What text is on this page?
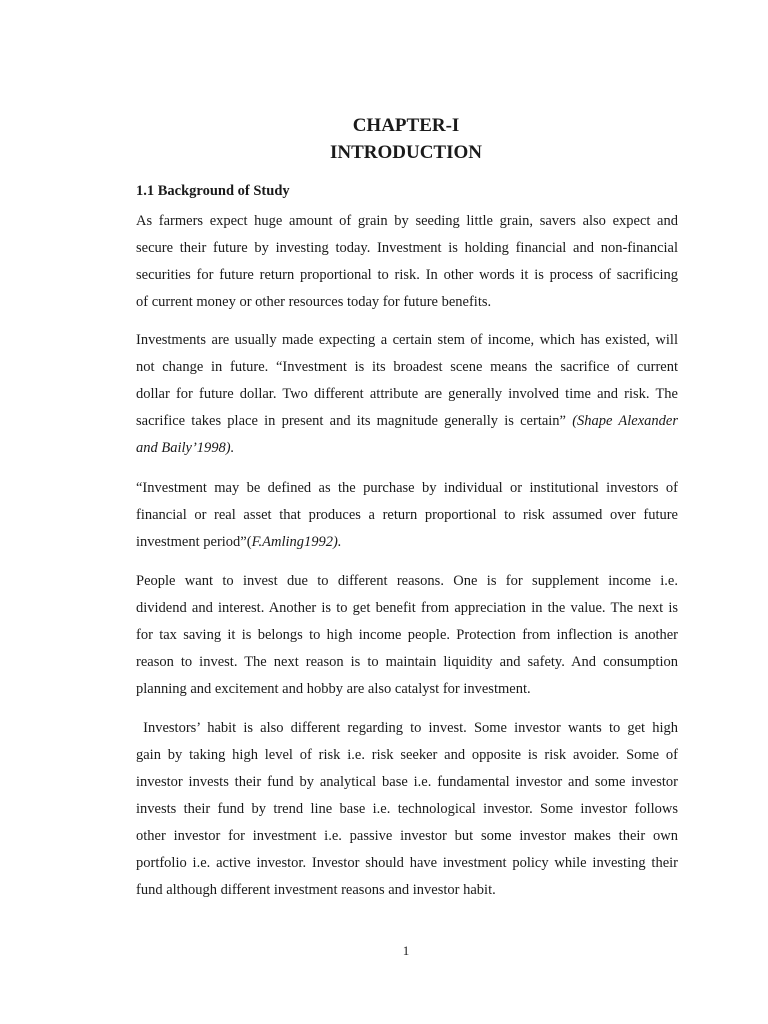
CHAPTER-I
INTRODUCTION
1.1 Background of Study
As farmers expect huge amount of grain by seeding little grain, savers also expect and
secure their future by investing today. Investment is holding financial and non-financial
securities for future return proportional to risk. In other words it is process of sacrificing
of current money or other resources today for future benefits.
Investments are usually made expecting a certain stem of income, which has existed, will
not change in future. “Investment is its broadest scene means the sacrifice of current
dollar for future dollar. Two different attribute are generally involved time and risk. The
sacrifice takes place in present and its magnitude generally is certain” (Shape Alexander
and Baily’1998).
“Investment may be defined as the purchase by individual or institutional investors of
financial or real asset that produces a return proportional to risk assumed over future
investment period”(F.Amling1992).
People want to invest due to different reasons. One is for supplement income i.e.
dividend and interest. Another is to get benefit from appreciation in the value. The next is
for tax saving it is belongs to high income people. Protection from inflection is another
reason to invest. The next reason is to maintain liquidity and safety. And consumption
planning and excitement and hobby are also catalyst for investment.
Investors’ habit is also different regarding to invest. Some investor wants to get high
gain by taking high level of risk i.e. risk seeker and opposite is risk avoider. Some of
investor invests their fund by analytical base i.e. fundamental investor and some investor
invests their fund by trend line base i.e. technological investor. Some investor follows
other investor for investment i.e. passive investor but some investor makes their own
portfolio i.e. active investor. Investor should have investment policy while investing their
fund although different investment reasons and investor habit.
1
